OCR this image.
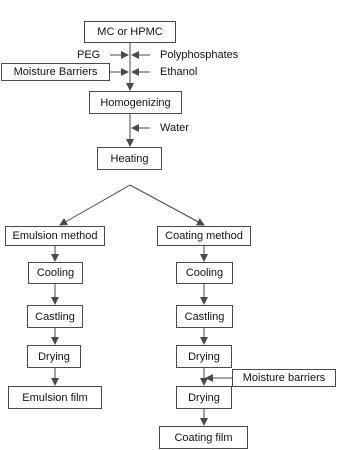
MC or HPMC
PEG	Polyphosphates
Moisture Barriers	Ethanol
Homogenizing
Water
Heating
Emulsion method	Coating method
Cooling
Castling
Drying
Emulsion film
Cooling
Castling
Drying
Moisture barriers
Drying
Coating film
